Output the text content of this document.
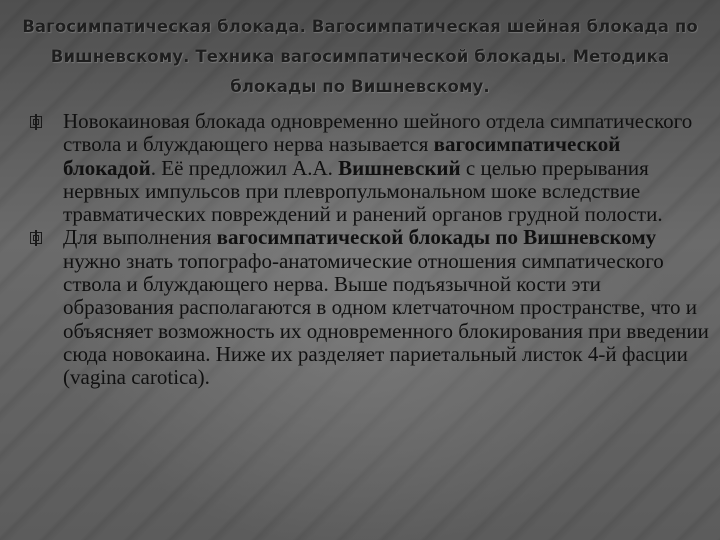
Вагосимпатическая блокада. Вагосимпатическая шейная блокада по Вишневскому. Техника вагосимпатической блокады. Методика блокады по Вишневскому.

Новокаиновая блокада одновременно шейного отдела симпатического ствола и блуждающего нерва называется вагосимпатической блокадой. Её предложил А.А. Вишневский с целью прерывания нервных импульсов при плевропульмональном шоке вследствие травматических повреждений и ранений органов грудной полости.

Для выполнения вагосимпатической блокады по Вишневскому нужно знать топографо-анатомические отношения симпатического ствола и блуждающего нерва. Выше подъязычной кости эти образования располагаются в одном клетчаточном пространстве, что и объясняет возможность их одновременного блокирования при введении сюда новокаина. Ниже их разделяет париетальный листок 4-й фасции (vagina carotica).
